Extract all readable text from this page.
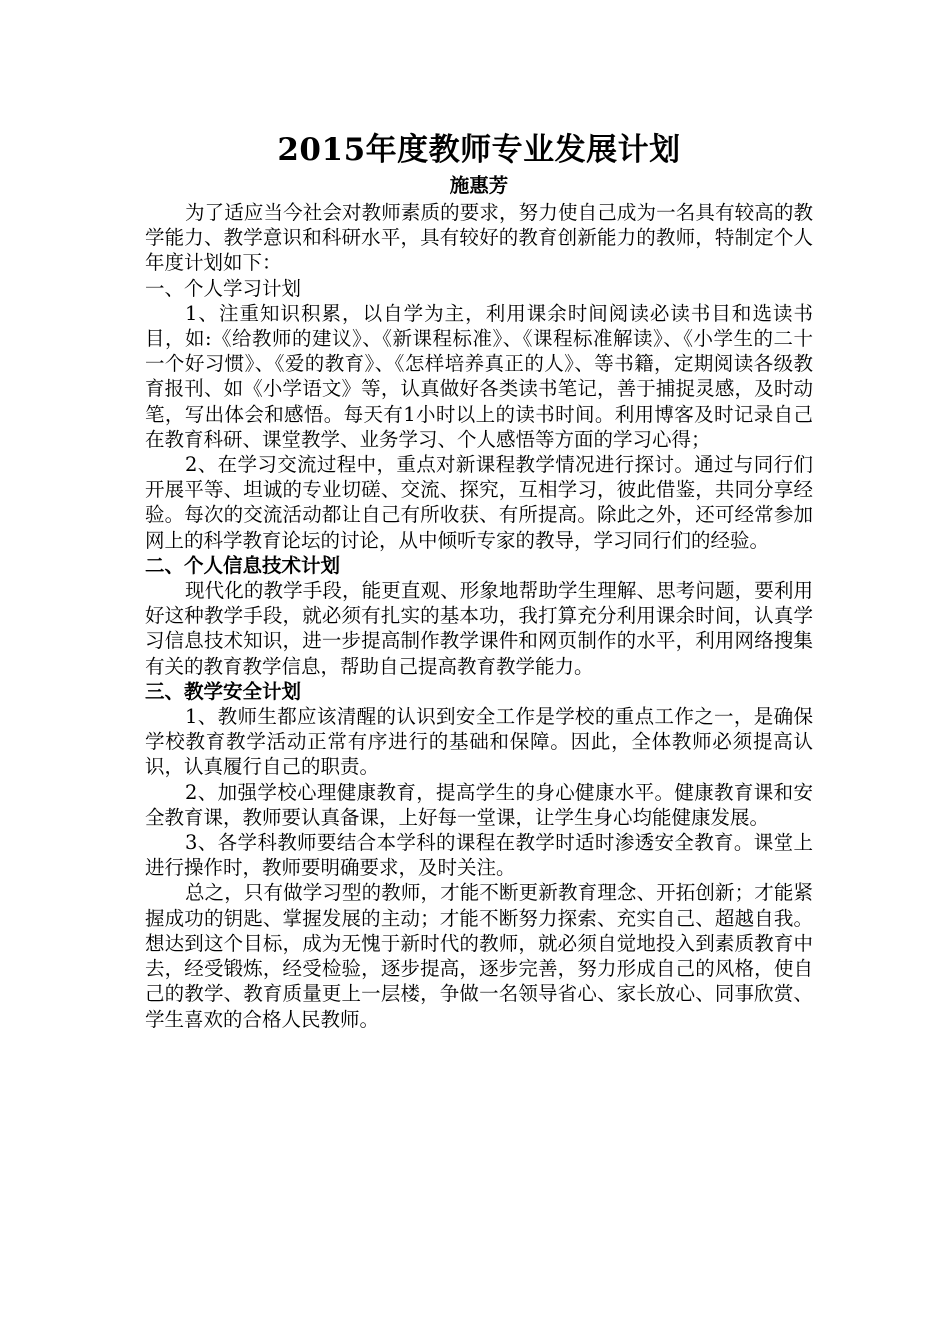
2015年度教师专业发展计划

施惠芳

为了适应当今社会对教师素质的要求，努力使自己成为一名具有较高的教学能力、教学意识和科研水平，具有较好的教育创新能力的教师，特制定个人年度计划如下：

一、个人学习计划

1、注重知识积累，以自学为主，利用课余时间阅读必读书目和选读书目，如:《给教师的建议》、《新课程标准》、《课程标准解读》、《小学生的二十一个好习惯》、《爱的教育》、《怎样培养真正的人》、等书籍，定期阅读各级教育报刊、如《小学语文》等，认真做好各类读书笔记，善于捕捉灵感，及时动笔，写出体会和感悟。每天有1小时以上的读书时间。利用博客及时记录自己在教育科研、课堂教学、业务学习、个人感悟等方面的学习心得；

2、在学习交流过程中，重点对新课程教学情况进行探讨。通过与同行们开展平等、坦诚的专业切磋、交流、探究，互相学习，彼此借鉴，共同分享经验。每次的交流活动都让自己有所收获、有所提高。除此之外，还可经常参加网上的科学教育论坛的讨论，从中倾听专家的教导，学习同行们的经验。

二、个人信息技术计划

现代化的教学手段，能更直观、形象地帮助学生理解、思考问题，要利用好这种教学手段，就必须有扎实的基本功，我打算充分利用课余时间，认真学习信息技术知识，进一步提高制作教学课件和网页制作的水平，利用网络搜集有关的教育教学信息，帮助自己提高教育教学能力。

三、教学安全计划

1、教师生都应该清醒的认识到安全工作是学校的重点工作之一，是确保学校教育教学活动正常有序进行的基础和保障。因此，全体教师必须提高认识，认真履行自己的职责。

2、加强学校心理健康教育，提高学生的身心健康水平。健康教育课和安全教育课，教师要认真备课，上好每一堂课，让学生身心均能健康发展。

3、各学科教师要结合本学科的课程在教学时适时渗透安全教育。课堂上进行操作时，教师要明确要求，及时关注。

总之，只有做学习型的教师，才能不断更新教育理念、开拓创新；才能紧握成功的钥匙、掌握发展的主动；才能不断努力探索、充实自己、超越自我。想达到这个目标，成为无愧于新时代的教师，就必须自觉地投入到素质教育中去，经受锻炼，经受检验，逐步提高，逐步完善，努力形成自己的风格，使自己的教学、教育质量更上一层楼，争做一名领导省心、家长放心、同事欣赏、学生喜欢的合格人民教师。
